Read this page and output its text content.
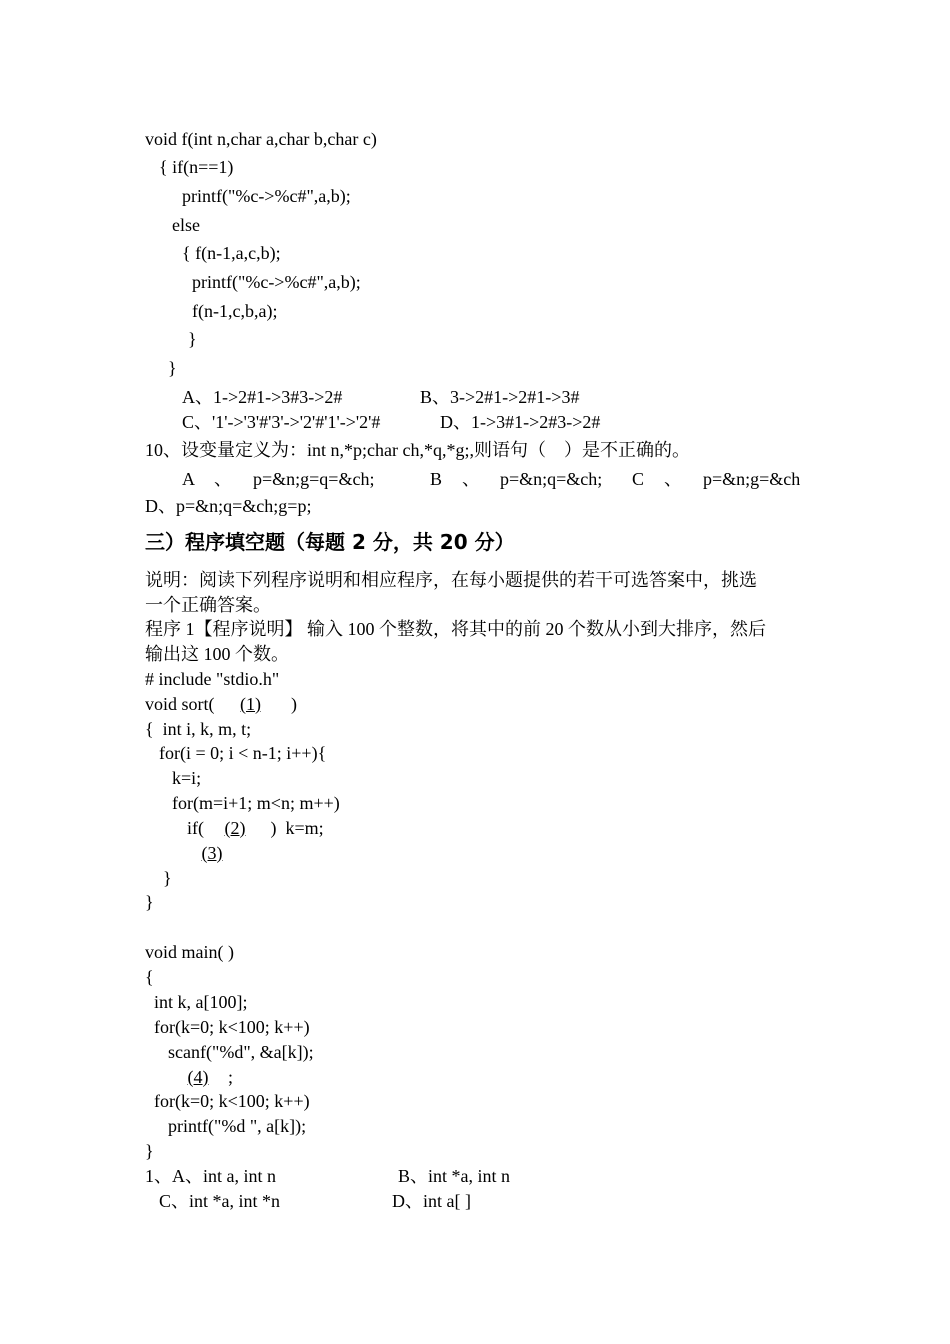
void f(int n,char a,char b,char c)
{ if(n==1)
printf("%c->%c#",a,b);
else
{ f(n-1,a,c,b);
printf("%c->%c#",a,b);
f(n-1,c,b,a);
}
}
A、1->2#1->3#3->2#	B、3->2#1->2#1->3#
C、'1'->'3'#'3'->'2'#'1'->'2'#	D、1->3#1->2#3->2#
10、设变量定义为：int n,*p;char ch,*q,*g;,则语句（　）是不正确的。
A 、 p=&n;g=q=&ch;	B 、 p=&n;q=&ch; C 、 p=&n;g=&ch
D、p=&n;q=&ch;g=p;
三）程序填空题（每题 2 分，共 20 分）
说明：阅读下列程序说明和相应程序，在每小题提供的若干可选答案中，挑选
一个正确答案。
程序 1【程序说明】 输入 100 个整数，将其中的前 20 个数从小到大排序，然后
输出这 100 个数。
# include "stdio.h"
void sort( (1) )
{  int i, k, m, t;
for(i = 0; i < n-1; i++){
k=i;
for(m=i+1; m<n; m++)
if( (2) )  k=m;
(3)
}
}
void main( )
{
int k, a[100];
for(k=0; k<100; k++)
scanf("%d", &a[k]);
(4) ;
for(k=0; k<100; k++)
printf("%d ", a[k]);
}
1、A、int a, int n	B、int *a, int n
C、int *a, int *n	D、int a[ ]
